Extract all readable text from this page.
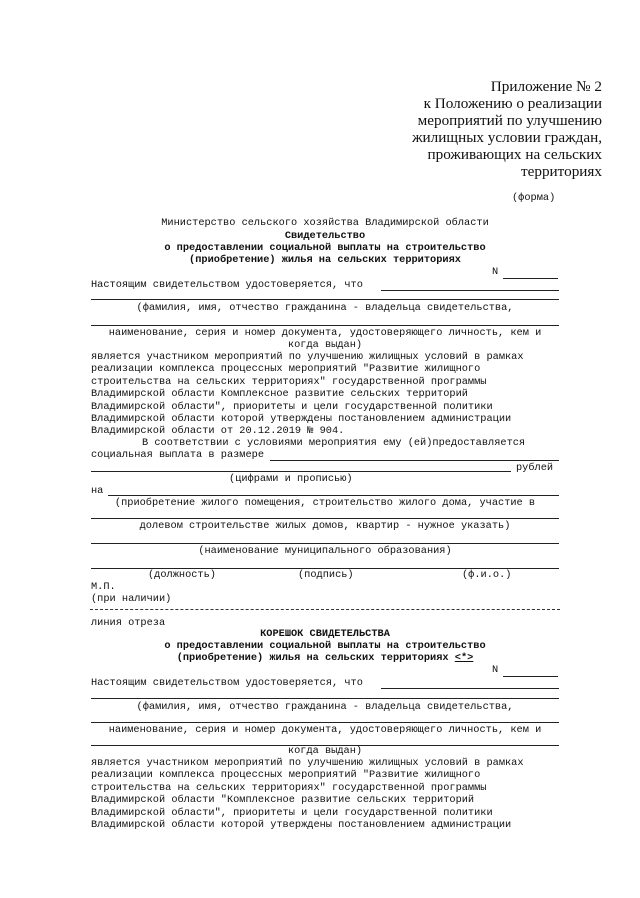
Приложение № 2
к Положению о реализации
мероприятий по улучшению
жилищных условии граждан,
проживающих на сельских
территориях
(форма)
Министерство сельского хозяйства Владимирской области
Свидетельство
о предоставлении социальной выплаты на строительство
(приобретение) жилья на сельских территориях
N
Настоящим свидетельством удостоверяется, что
(фамилия, имя, отчество гражданина - владельца свидетельства,
наименование, серия и номер документа, удостоверяющего личность, кем и
когда выдан)
является участником мероприятий по улучшению жилищных условий в рамках
реализации комплекса процессных мероприятий "Развитие жилищного
строительства на сельских территориях" государственной программы
Владимирской области Комплексное развитие сельских территорий
Владимирской области", приоритеты и цели государственной политики
Владимирской области которой утверждены постановлением администрации
Владимирской области от 20.12.2019 № 904.
В соответствии с условиями мероприятия ему (ей)предоставляется
социальная выплата в размере
рублей
(цифрами и прописью)
на
(приобретение жилого помещения, строительство жилого дома, участие в
долевом строительстве жилых домов, квартир - нужное указать)
(наименование муниципального образования)
(должность)	(подпись)	(ф.и.о.)
М.П.
(при наличии)
линия отреза
КОРЕШОК СВИДЕТЕЛЬСТВА
о предоставлении социальной выплаты на строительство
(приобретение) жилья на сельских территориях <*>
N
Настоящим свидетельством удостоверяется, что
(фамилия, имя, отчество гражданина - владельца свидетельства,
наименование, серия и номер документа, удостоверяющего личность, кем и
когда выдан)
является участником мероприятий по улучшению жилищных условий в рамках
реализации комплекса процессных мероприятий "Развитие жилищного
строительства на сельских территориях" государственной программы
Владимирской области "Комплексное развитие сельских территорий
Владимирской области", приоритеты и цели государственной политики
Владимирской области которой утверждены постановлением администрации
